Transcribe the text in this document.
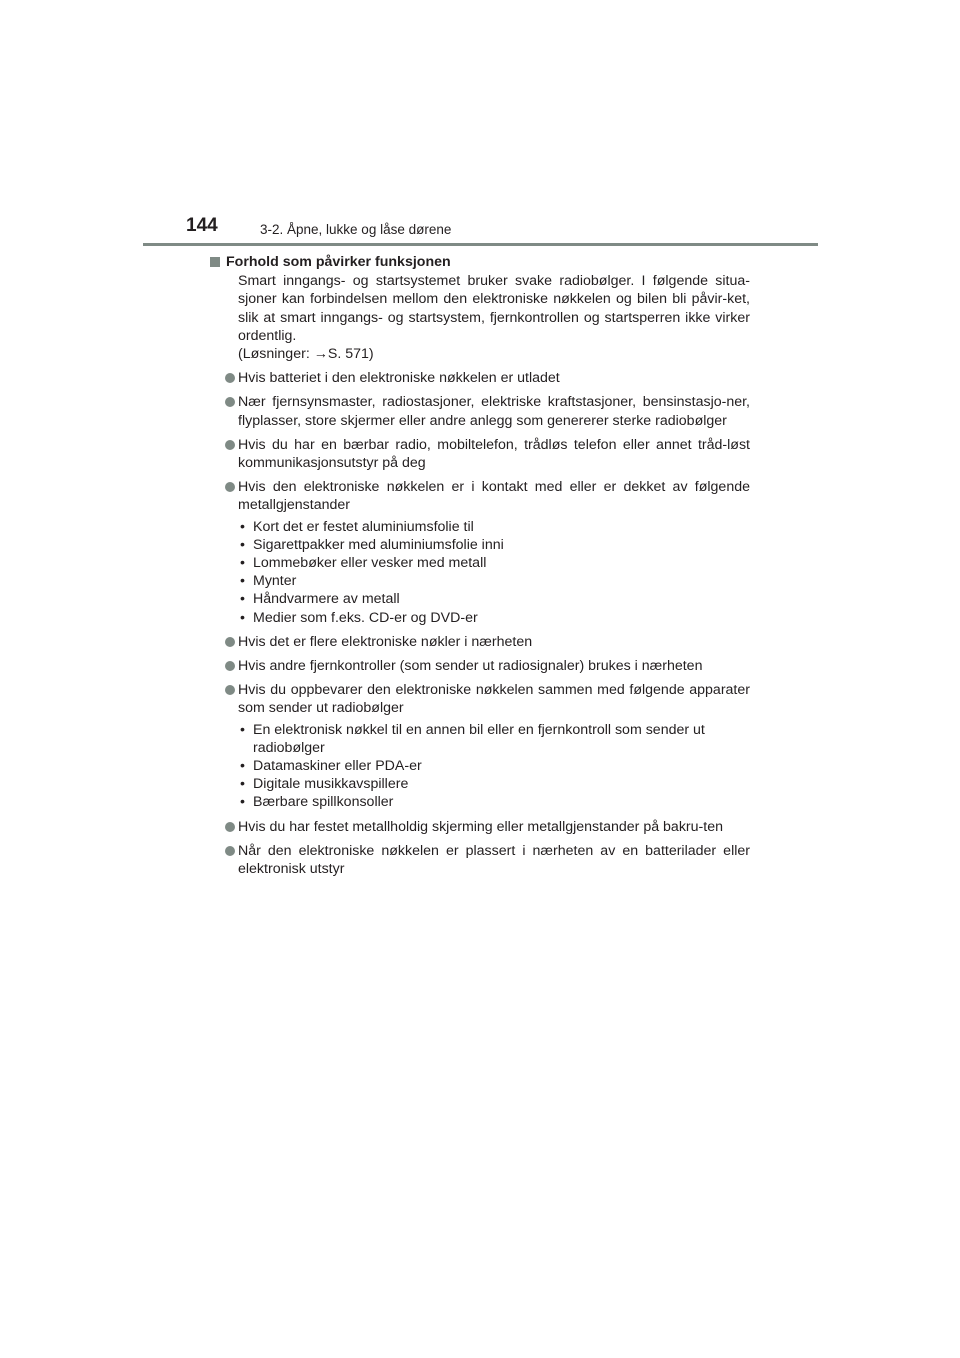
144	3-2. Åpne, lukke og låse dørene
Forhold som påvirker funksjonen

Smart inngangs- og startsystemet bruker svake radiobølger. I følgende situa-sjoner kan forbindelsen mellom den elektroniske nøkkelen og bilen bli påvir-ket, slik at smart inngangs- og startsystem, fjernkontrollen og startsperren ikke virker ordentlig.

(Løsninger: →S. 571)

Hvis batteriet i den elektroniske nøkkelen er utladet
Nær fjernsynsmaster, radiostasjoner, elektriske kraftstasjoner, bensinstasjo-ner, flyplasser, store skjermer eller andre anlegg som genererer sterke radiobølger
Hvis du har en bærbar radio, mobiltelefon, trådløs telefon eller annet tråd-løst kommunikasjonsutstyr på deg
Hvis den elektroniske nøkkelen er i kontakt med eller er dekket av følgende metallgjenstander
• Kort det er festet aluminiumsfolie til
• Sigarettpakker med aluminiumsfolie inni
• Lommebøker eller vesker med metall
• Mynter
• Håndvarmere av metall
• Medier som f.eks. CD-er og DVD-er
Hvis det er flere elektroniske nøkler i nærheten
Hvis andre fjernkontroller (som sender ut radiosignaler) brukes i nærheten
Hvis du oppbevarer den elektroniske nøkkelen sammen med følgende apparater som sender ut radiobølger
• En elektronisk nøkkel til en annen bil eller en fjernkontroll som sender ut radiobølger
• Datamaskiner eller PDA-er
• Digitale musikkavspillere
• Bærbare spillkonsoller
Hvis du har festet metallholdig skjerming eller metallgjenstander på bakru-ten
Når den elektroniske nøkkelen er plassert i nærheten av en batterilader eller elektronisk utstyr
